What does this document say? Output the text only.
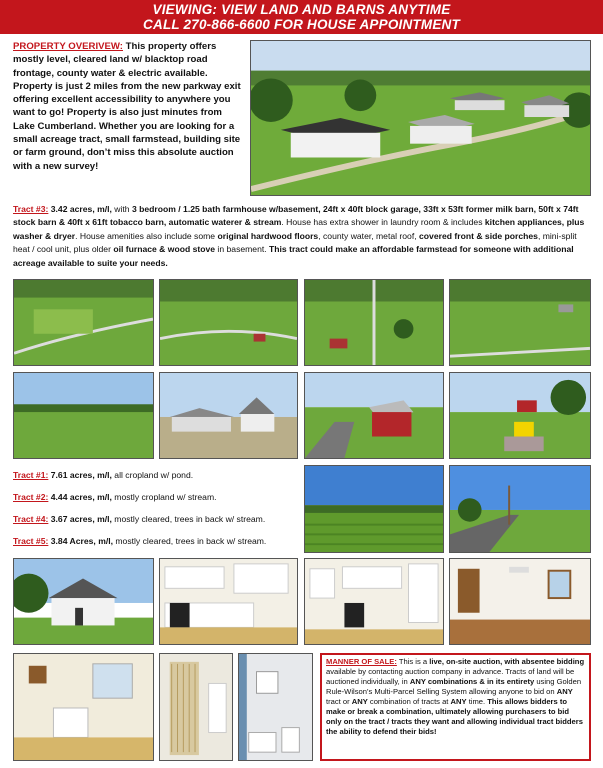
VIEWING: VIEW LAND AND BARNS ANYTIME
CALL 270-866-6600 FOR HOUSE APPOINTMENT
PROPERTY OVERIVEW: This property offers mostly level, cleared land w/ blacktop road frontage, county water & electric available. Property is just 2 miles from the new parkway exit offering excellent accessibility to anywhere you want to go! Property is also just minutes from Lake Cumberland. Whether you are looking for a small acreage tract, small farmstead, building site or farm ground, don’t miss this absolute auction with a new survey!
Tract #3: 3.42 acres, m/l, with 3 bedroom / 1.25 bath farmhouse w/basement, 24ft x 40ft block garage, 33ft x 53ft former milk barn, 50ft x 74ft stock barn & 40ft x 61ft tobacco barn, automatic waterer & stream. House has extra shower in laundry room & includes kitchen appliances, plus washer & dryer. House amenities also include some original hardwood floors, county water, metal roof, covered front & side porches, mini-split heat / cool unit, plus older oil furnace & wood stove in basement. This tract could make an affordable farmstead for someone with additional acreage available to suite your needs.
Tract #1: 7.61 acres, m/l, all cropland w/ pond.
Tract #2: 4.44 acres, m/l, mostly cropland w/ stream.
Tract #4: 3.67 acres, m/l, mostly cleared, trees in back w/ stream.
Tract #5: 3.84 Acres, m/l, mostly cleared, trees in back w/ stream.
MANNER OF SALE: This is a live, on-site auction, with absentee bidding available by contacting auction company in advance. Tracts of land will be auctioned individually, in ANY combinations & in its entirety using Golden Rule-Wilson’s Multi-Parcel Selling System allowing anyone to bid on ANY tract or ANY combination of tracts at ANY time. This allows bidders to make or break a combination, ultimately allowing purchasers to bid only on the tract / tracts they want and allowing individual tract bidders the ability to defend their bids!
